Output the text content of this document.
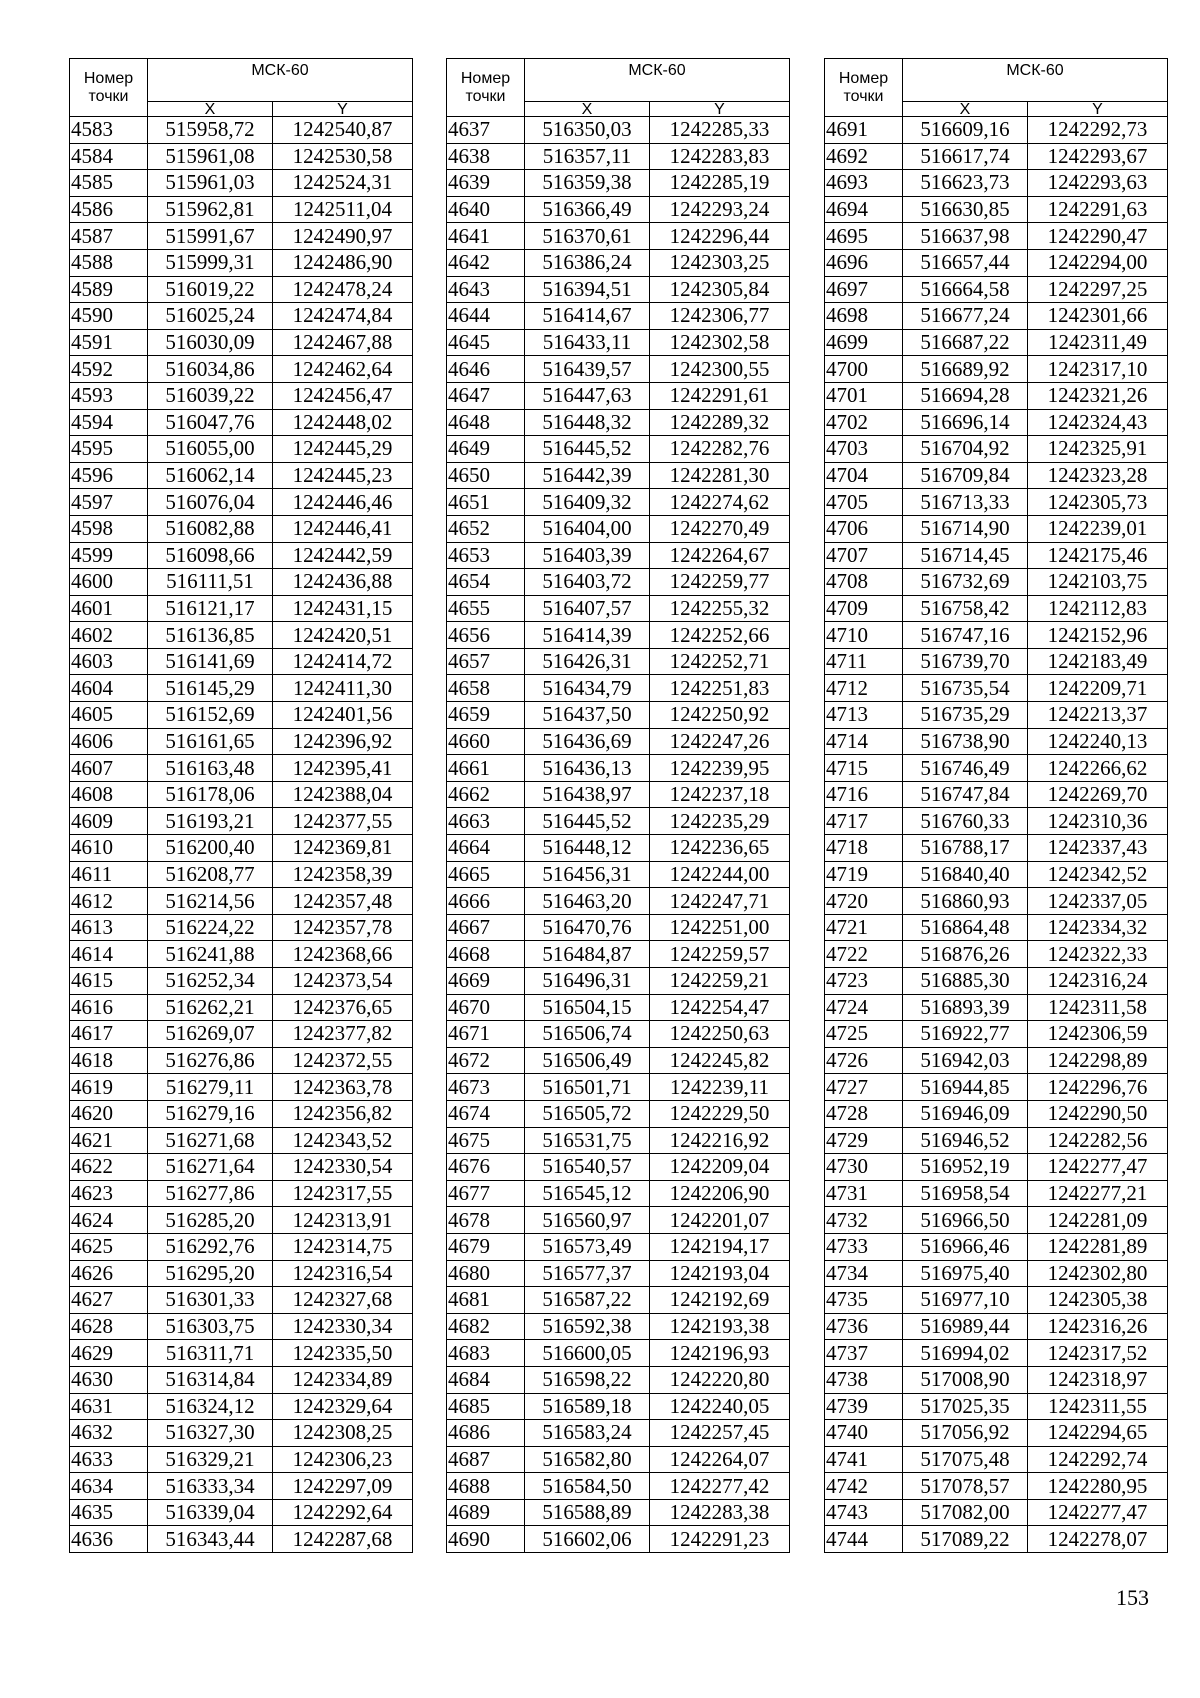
Номер точки	МСК-60	
	X	Y
4583	515958,72	1242540,87
4584	515961,08	1242530,58
4585	515961,03	1242524,31
4586	515962,81	1242511,04
4587	515991,67	1242490,97
4588	515999,31	1242486,90
4589	516019,22	1242478,24
4590	516025,24	1242474,84
4591	516030,09	1242467,88
4592	516034,86	1242462,64
4593	516039,22	1242456,47
4594	516047,76	1242448,02
4595	516055,00	1242445,29
4596	516062,14	1242445,23
4597	516076,04	1242446,46
4598	516082,88	1242446,41
4599	516098,66	1242442,59
4600	516111,51	1242436,88
4601	516121,17	1242431,15
4602	516136,85	1242420,51
4603	516141,69	1242414,72
4604	516145,29	1242411,30
4605	516152,69	1242401,56
4606	516161,65	1242396,92
4607	516163,48	1242395,41
4608	516178,06	1242388,04
4609	516193,21	1242377,55
4610	516200,40	1242369,81
4611	516208,77	1242358,39
4612	516214,56	1242357,48
4613	516224,22	1242357,78
4614	516241,88	1242368,66
4615	516252,34	1242373,54
4616	516262,21	1242376,65
4617	516269,07	1242377,82
4618	516276,86	1242372,55
4619	516279,11	1242363,78
4620	516279,16	1242356,82
4621	516271,68	1242343,52
4622	516271,64	1242330,54
4623	516277,86	1242317,55
4624	516285,20	1242313,91
4625	516292,76	1242314,75
4626	516295,20	1242316,54
4627	516301,33	1242327,68
4628	516303,75	1242330,34
4629	516311,71	1242335,50
4630	516314,84	1242334,89
4631	516324,12	1242329,64
4632	516327,30	1242308,25
4633	516329,21	1242306,23
4634	516333,34	1242297,09
4635	516339,04	1242292,64
4636	516343,44	1242287,68
Номер точки	МСК-60	
	X	Y
4637	516350,03	1242285,33
4638	516357,11	1242283,83
4639	516359,38	1242285,19
4640	516366,49	1242293,24
4641	516370,61	1242296,44
4642	516386,24	1242303,25
4643	516394,51	1242305,84
4644	516414,67	1242306,77
4645	516433,11	1242302,58
4646	516439,57	1242300,55
4647	516447,63	1242291,61
4648	516448,32	1242289,32
4649	516445,52	1242282,76
4650	516442,39	1242281,30
4651	516409,32	1242274,62
4652	516404,00	1242270,49
4653	516403,39	1242264,67
4654	516403,72	1242259,77
4655	516407,57	1242255,32
4656	516414,39	1242252,66
4657	516426,31	1242252,71
4658	516434,79	1242251,83
4659	516437,50	1242250,92
4660	516436,69	1242247,26
4661	516436,13	1242239,95
4662	516438,97	1242237,18
4663	516445,52	1242235,29
4664	516448,12	1242236,65
4665	516456,31	1242244,00
4666	516463,20	1242247,71
4667	516470,76	1242251,00
4668	516484,87	1242259,57
4669	516496,31	1242259,21
4670	516504,15	1242254,47
4671	516506,74	1242250,63
4672	516506,49	1242245,82
4673	516501,71	1242239,11
4674	516505,72	1242229,50
4675	516531,75	1242216,92
4676	516540,57	1242209,04
4677	516545,12	1242206,90
4678	516560,97	1242201,07
4679	516573,49	1242194,17
4680	516577,37	1242193,04
4681	516587,22	1242192,69
4682	516592,38	1242193,38
4683	516600,05	1242196,93
4684	516598,22	1242220,80
4685	516589,18	1242240,05
4686	516583,24	1242257,45
4687	516582,80	1242264,07
4688	516584,50	1242277,42
4689	516588,89	1242283,38
4690	516602,06	1242291,23
Номер точки	МСК-60	
	X	Y
4691	516609,16	1242292,73
4692	516617,74	1242293,67
4693	516623,73	1242293,63
4694	516630,85	1242291,63
4695	516637,98	1242290,47
4696	516657,44	1242294,00
4697	516664,58	1242297,25
4698	516677,24	1242301,66
4699	516687,22	1242311,49
4700	516689,92	1242317,10
4701	516694,28	1242321,26
4702	516696,14	1242324,43
4703	516704,92	1242325,91
4704	516709,84	1242323,28
4705	516713,33	1242305,73
4706	516714,90	1242239,01
4707	516714,45	1242175,46
4708	516732,69	1242103,75
4709	516758,42	1242112,83
4710	516747,16	1242152,96
4711	516739,70	1242183,49
4712	516735,54	1242209,71
4713	516735,29	1242213,37
4714	516738,90	1242240,13
4715	516746,49	1242266,62
4716	516747,84	1242269,70
4717	516760,33	1242310,36
4718	516788,17	1242337,43
4719	516840,40	1242342,52
4720	516860,93	1242337,05
4721	516864,48	1242334,32
4722	516876,26	1242322,33
4723	516885,30	1242316,24
4724	516893,39	1242311,58
4725	516922,77	1242306,59
4726	516942,03	1242298,89
4727	516944,85	1242296,76
4728	516946,09	1242290,50
4729	516946,52	1242282,56
4730	516952,19	1242277,47
4731	516958,54	1242277,21
4732	516966,50	1242281,09
4733	516966,46	1242281,89
4734	516975,40	1242302,80
4735	516977,10	1242305,38
4736	516989,44	1242316,26
4737	516994,02	1242317,52
4738	517008,90	1242318,97
4739	517025,35	1242311,55
4740	517056,92	1242294,65
4741	517075,48	1242292,74
4742	517078,57	1242280,95
4743	517082,00	1242277,47
4744	517089,22	1242278,07
153
